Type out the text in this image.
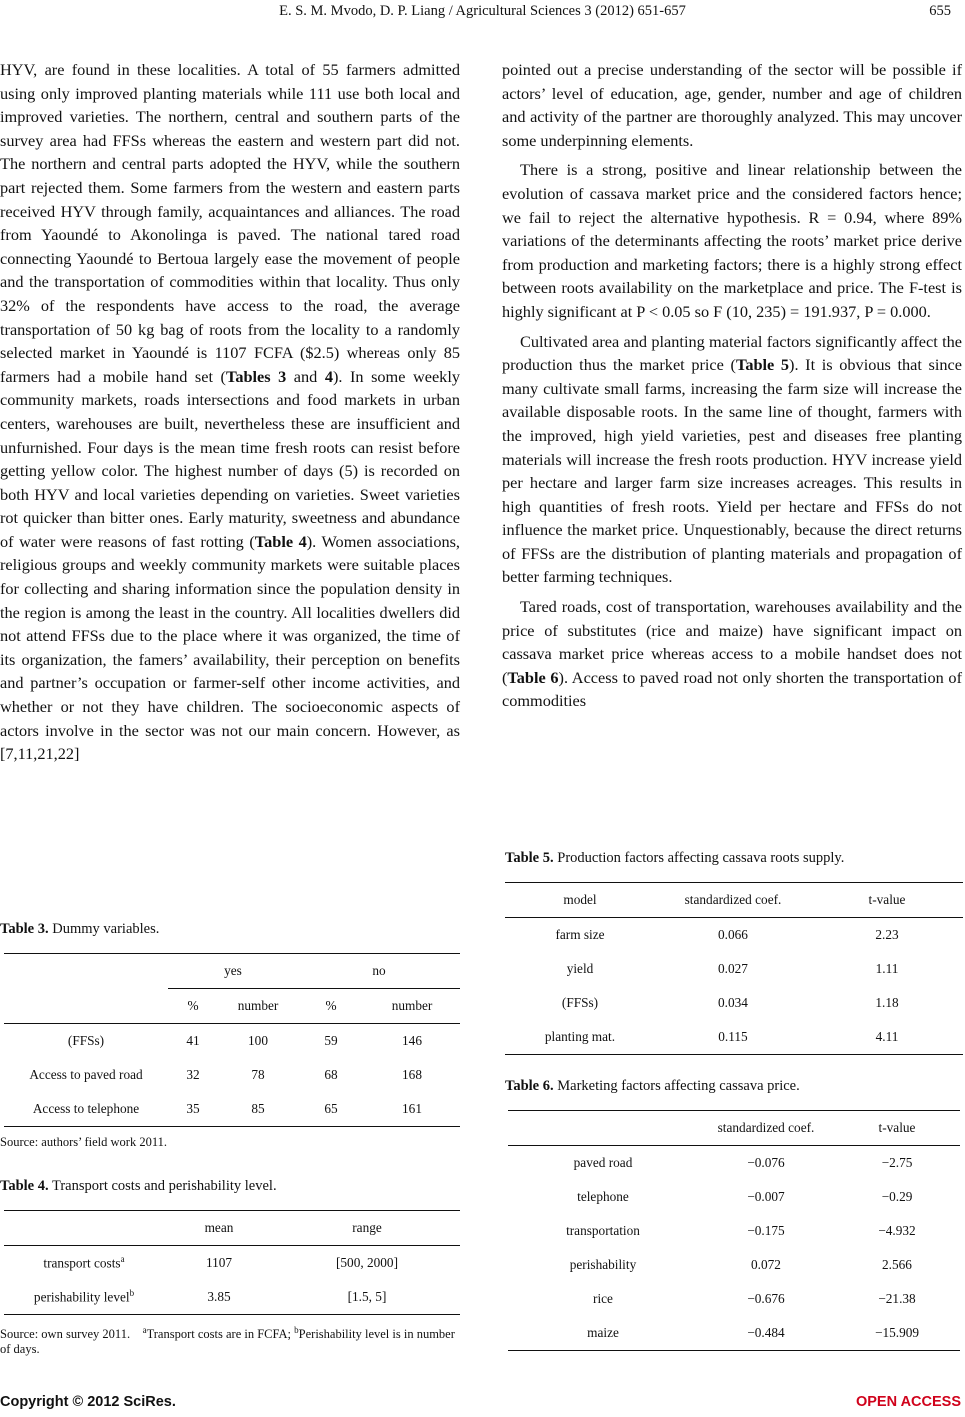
E. S. M. Mvodo, D. P. Liang / Agricultural Sciences 3 (2012) 651-657	655

HYV, are found in these localities. A total of 55 farmers admitted using only improved planting materials while 111 use both local and improved varieties. The northern, central and southern parts of the survey area had FFSs whereas the eastern and western part did not. The northern and central parts adopted the HYV, while the southern part rejected them. Some farmers from the western and eastern parts received HYV through family, acquaintances and alliances. The road from Yaoundé to Akonolinga is paved. The national tared road connecting Yaoundé to Bertoua largely ease the movement of people and the transportation of commodities within that locality. Thus only 32% of the respondents have access to the road, the average transportation of 50 kg bag of roots from the locality to a randomly selected market in Yaoundé is 1107 FCFA ($2.5) whereas only 85 farmers had a mobile hand set (Tables 3 and 4). In some weekly community markets, roads intersections and food markets in urban centers, warehouses are built, nevertheless these are insufficient and unfurnished. Four days is the mean time fresh roots can resist before getting yellow color. The highest number of days (5) is recorded on both HYV and local varieties depending on varieties. Sweet varieties rot quicker than bitter ones. Early maturity, sweetness and abundance of water were reasons of fast rotting (Table 4). Women associations, religious groups and weekly community markets were suitable places for collecting and sharing information since the population density in the region is among the least in the country. All localities dwellers did not attend FFSs due to the place where it was organized, the time of its organization, the famers’ availability, their perception on benefits and partner’s occupation or farmer-self other income activities, and whether or not they have children. The socioeconomic aspects of actors involve in the sector was not our main concern. However, as [7,11,21,22]

Table 3. Dummy variables.

	yes		no	
	%	number	%	number
(FFSs)	41	100	59	146
Access to paved road	32	78	68	168
Access to telephone	35	85	65	161

Source: authors’ field work 2011.

Table 4. Transport costs and perishability level.

	mean	range
transport costs$^a$	1107	[500, 2000]
perishability level$^b$	3.85	[1.5, 5]

Source: own survey 2011. $^a$Transport costs are in FCFA; $^b$Perishability level is in number of days.

pointed out a precise understanding of the sector will be possible if actors’ level of education, age, gender, number and age of children and activity of the partner are thoroughly analyzed. This may uncover some underpinning elements.

There is a strong, positive and linear relationship between the evolution of cassava market price and the considered factors hence; we fail to reject the alternative hypothesis. R = 0.94, where 89% variations of the determinants affecting the roots’ market price derive from production and marketing factors; there is a highly strong effect between roots availability on the marketplace and price. The F-test is highly significant at P < 0.05 so F (10, 235) = 191.937, P = 0.000.

Cultivated area and planting material factors significantly affect the production thus the market price (Table 5). It is obvious that since many cultivate small farms, increasing the farm size will increase the available disposable roots. In the same line of thought, farmers with the improved, high yield varieties, pest and diseases free planting materials will increase the fresh roots production. HYV increase yield per hectare and larger farm size increases acreages. This results in high quantities of fresh roots. Yield per hectare and FFSs do not influence the market price. Unquestionably, because the direct returns of FFSs are the distribution of planting materials and propagation of better farming techniques.

Tared roads, cost of transportation, warehouses availability and the price of substitutes (rice and maize) have significant impact on cassava market price whereas access to a mobile handset does not (Table 6). Access to paved road not only shorten the transportation of commodities

Table 5. Production factors affecting cassava roots supply.

model	standardized coef.	t-value
farm size	0.066	2.23
yield	0.027	1.11
(FFSs)	0.034	1.18
planting mat.	0.115	4.11

Table 6. Marketing factors affecting cassava price.

	standardized coef.	t-value
paved road	−0.076	−2.75
telephone	−0.007	−0.29
transportation	−0.175	−4.932
perishability	0.072	2.566
rice	−0.676	−21.38
maize	−0.484	−15.909
Copyright © 2012 SciRes.	OPEN ACCESS
